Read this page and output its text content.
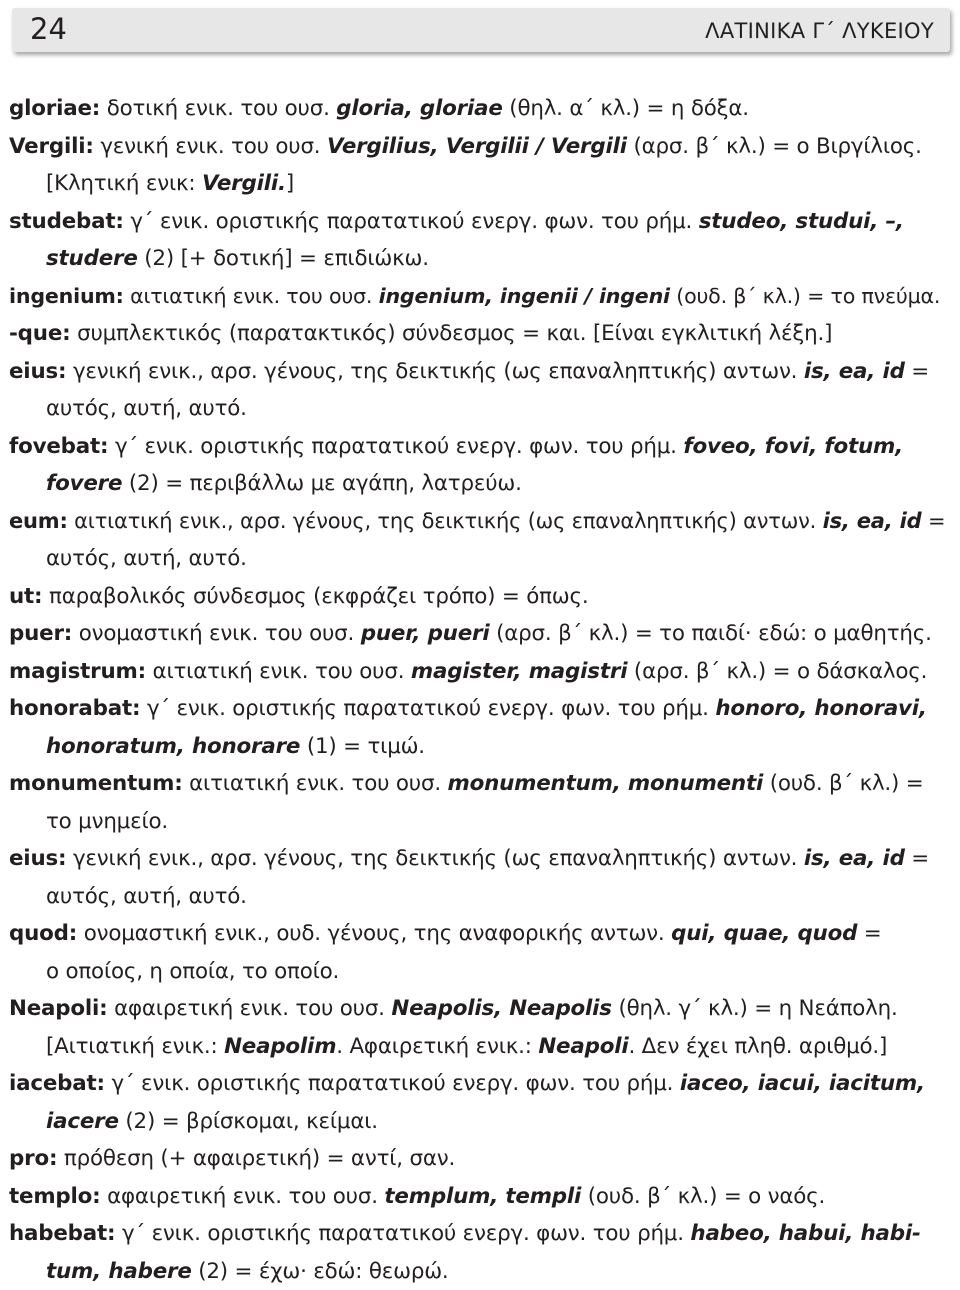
24	ΛΑΤΙΝΙΚΑ Γ΄ ΛΥΚΕΙΟΥ
gloriae: δοτική ενικ. του ουσ. gloria, gloriae (θηλ. α΄ κλ.) = η δόξα.
Vergili: γενική ενικ. του ουσ. Vergilius, Vergilii / Vergili (αρσ. β΄ κλ.) = ο Βιργίλιος.
[Κλητική ενικ: Vergili.]
studebat: γ΄ ενικ. οριστικής παρατατικού ενεργ. φων. του ρήμ. studeo, studui, –,
studere (2) [+ δοτική] = επιδιώκω.
ingenium: αιτιατική ενικ. του ουσ. ingenium, ingenii / ingeni (ουδ. β΄ κλ.) = το πνεύμα.
-que: συμπλεκτικός (παρατακτικός) σύνδεσμος = και. [Είναι εγκλιτική λέξη.]
eius: γενική ενικ., αρσ. γένους, της δεικτικής (ως επαναληπτικής) αντων. is, ea, id =
αυτός, αυτή, αυτό.
fovebat: γ΄ ενικ. οριστικής παρατατικού ενεργ. φων. του ρήμ. foveo, fovi, fotum,
fovere (2) = περιβάλλω με αγάπη, λατρεύω.
eum: αιτιατική ενικ., αρσ. γένους, της δεικτικής (ως επαναληπτικής) αντων. is, ea, id =
αυτός, αυτή, αυτό.
ut: παραβολικός σύνδεσμος (εκφράζει τρόπο) = όπως.
puer: ονομαστική ενικ. του ουσ. puer, pueri (αρσ. β΄ κλ.) = το παιδί· εδώ: ο μαθητής.
magistrum: αιτιατική ενικ. του ουσ. magister, magistri (αρσ. β΄ κλ.) = ο δάσκαλος.
honorabat: γ΄ ενικ. οριστικής παρατατικού ενεργ. φων. του ρήμ. honoro, honoravi,
honoratum, honorare (1) = τιμώ.
monumentum: αιτιατική ενικ. του ουσ. monumentum, monumenti (ουδ. β΄ κλ.) =
το μνημείο.
eius: γενική ενικ., αρσ. γένους, της δεικτικής (ως επαναληπτικής) αντων. is, ea, id =
αυτός, αυτή, αυτό.
quod: ονομαστική ενικ., ουδ. γένους, της αναφορικής αντων. qui, quae, quod =
ο οποίος, η οποία, το οποίο.
Neapoli: αφαιρετική ενικ. του ουσ. Neapolis, Neapolis (θηλ. γ΄ κλ.) = η Νεάπολη.
[Αιτιατική ενικ.: Neapolim. Αφαιρετική ενικ.: Neapoli. Δεν έχει πληθ. αριθμό.]
iacebat: γ΄ ενικ. οριστικής παρατατικού ενεργ. φων. του ρήμ. iaceo, iacui, iacitum,
iacere (2) = βρίσκομαι, κείμαι.
pro: πρόθεση (+ αφαιρετική) = αντί, σαν.
templo: αφαιρετική ενικ. του ουσ. templum, templi (ουδ. β΄ κλ.) = ο ναός.
habebat: γ΄ ενικ. οριστικής παρατατικού ενεργ. φων. του ρήμ. habeo, habui, habi-
tum, habere (2) = έχω· εδώ: θεωρώ.
